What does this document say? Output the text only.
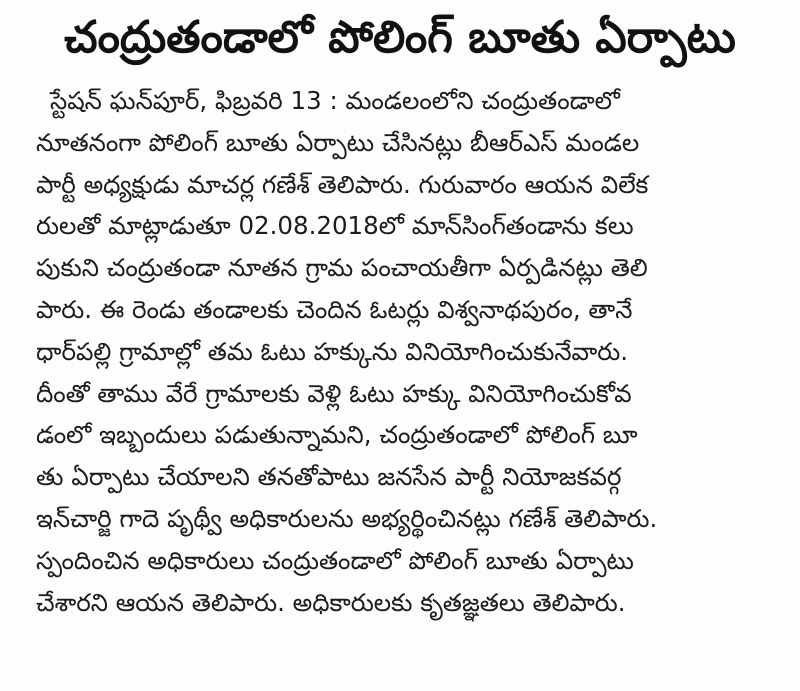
చంద్రుతండాలో పోలింగ్ బూతు ఏర్పాటు
స్టేషన్ ఘన్‌పూర్, ఫిబ్రవరి 13 : మండలంలోని చంద్రుతండాలో
నూతనంగా పోలింగ్ బూతు ఏర్పాటు చేసినట్లు బీఆర్ఎస్ మండల
పార్టీ అధ్యక్షుడు మాచర్ల గణేశ్ తెలిపారు. గురువారం ఆయన విలేక
రులతో మాట్లాడుతూ 02.08.2018లో మాన్‌సింగ్‌తండాను కలు
పుకుని చంద్రుతండా నూతన గ్రామ పంచాయతీగా ఏర్పడినట్లు తెలి
పారు. ఈ రెండు తండాలకు చెందిన ఓటర్లు విశ్వనాథపురం, తానే
ధార్‌పల్లి గ్రామాల్లో తమ ఓటు హక్కును వినియోగించుకునేవారు.
దీంతో తాము వేరే గ్రామాలకు వెళ్లి ఓటు హక్కు వినియోగించుకోవ
డంలో ఇబ్బందులు పడుతున్నామని, చంద్రుతండాలో పోలింగ్ బూ
తు ఏర్పాటు చేయాలని తనతోపాటు జనసేన పార్టీ నియోజకవర్గ
ఇన్‌చార్జి గాదె పృథ్వీ అధికారులను అభ్యర్థించినట్లు గణేశ్ తెలిపారు.
స్పందించిన అధికారులు చంద్రుతండాలో పోలింగ్ బూతు ఏర్పాటు
చేశారని ఆయన తెలిపారు. అధికారులకు కృతజ్ఞతలు తెలిపారు.
